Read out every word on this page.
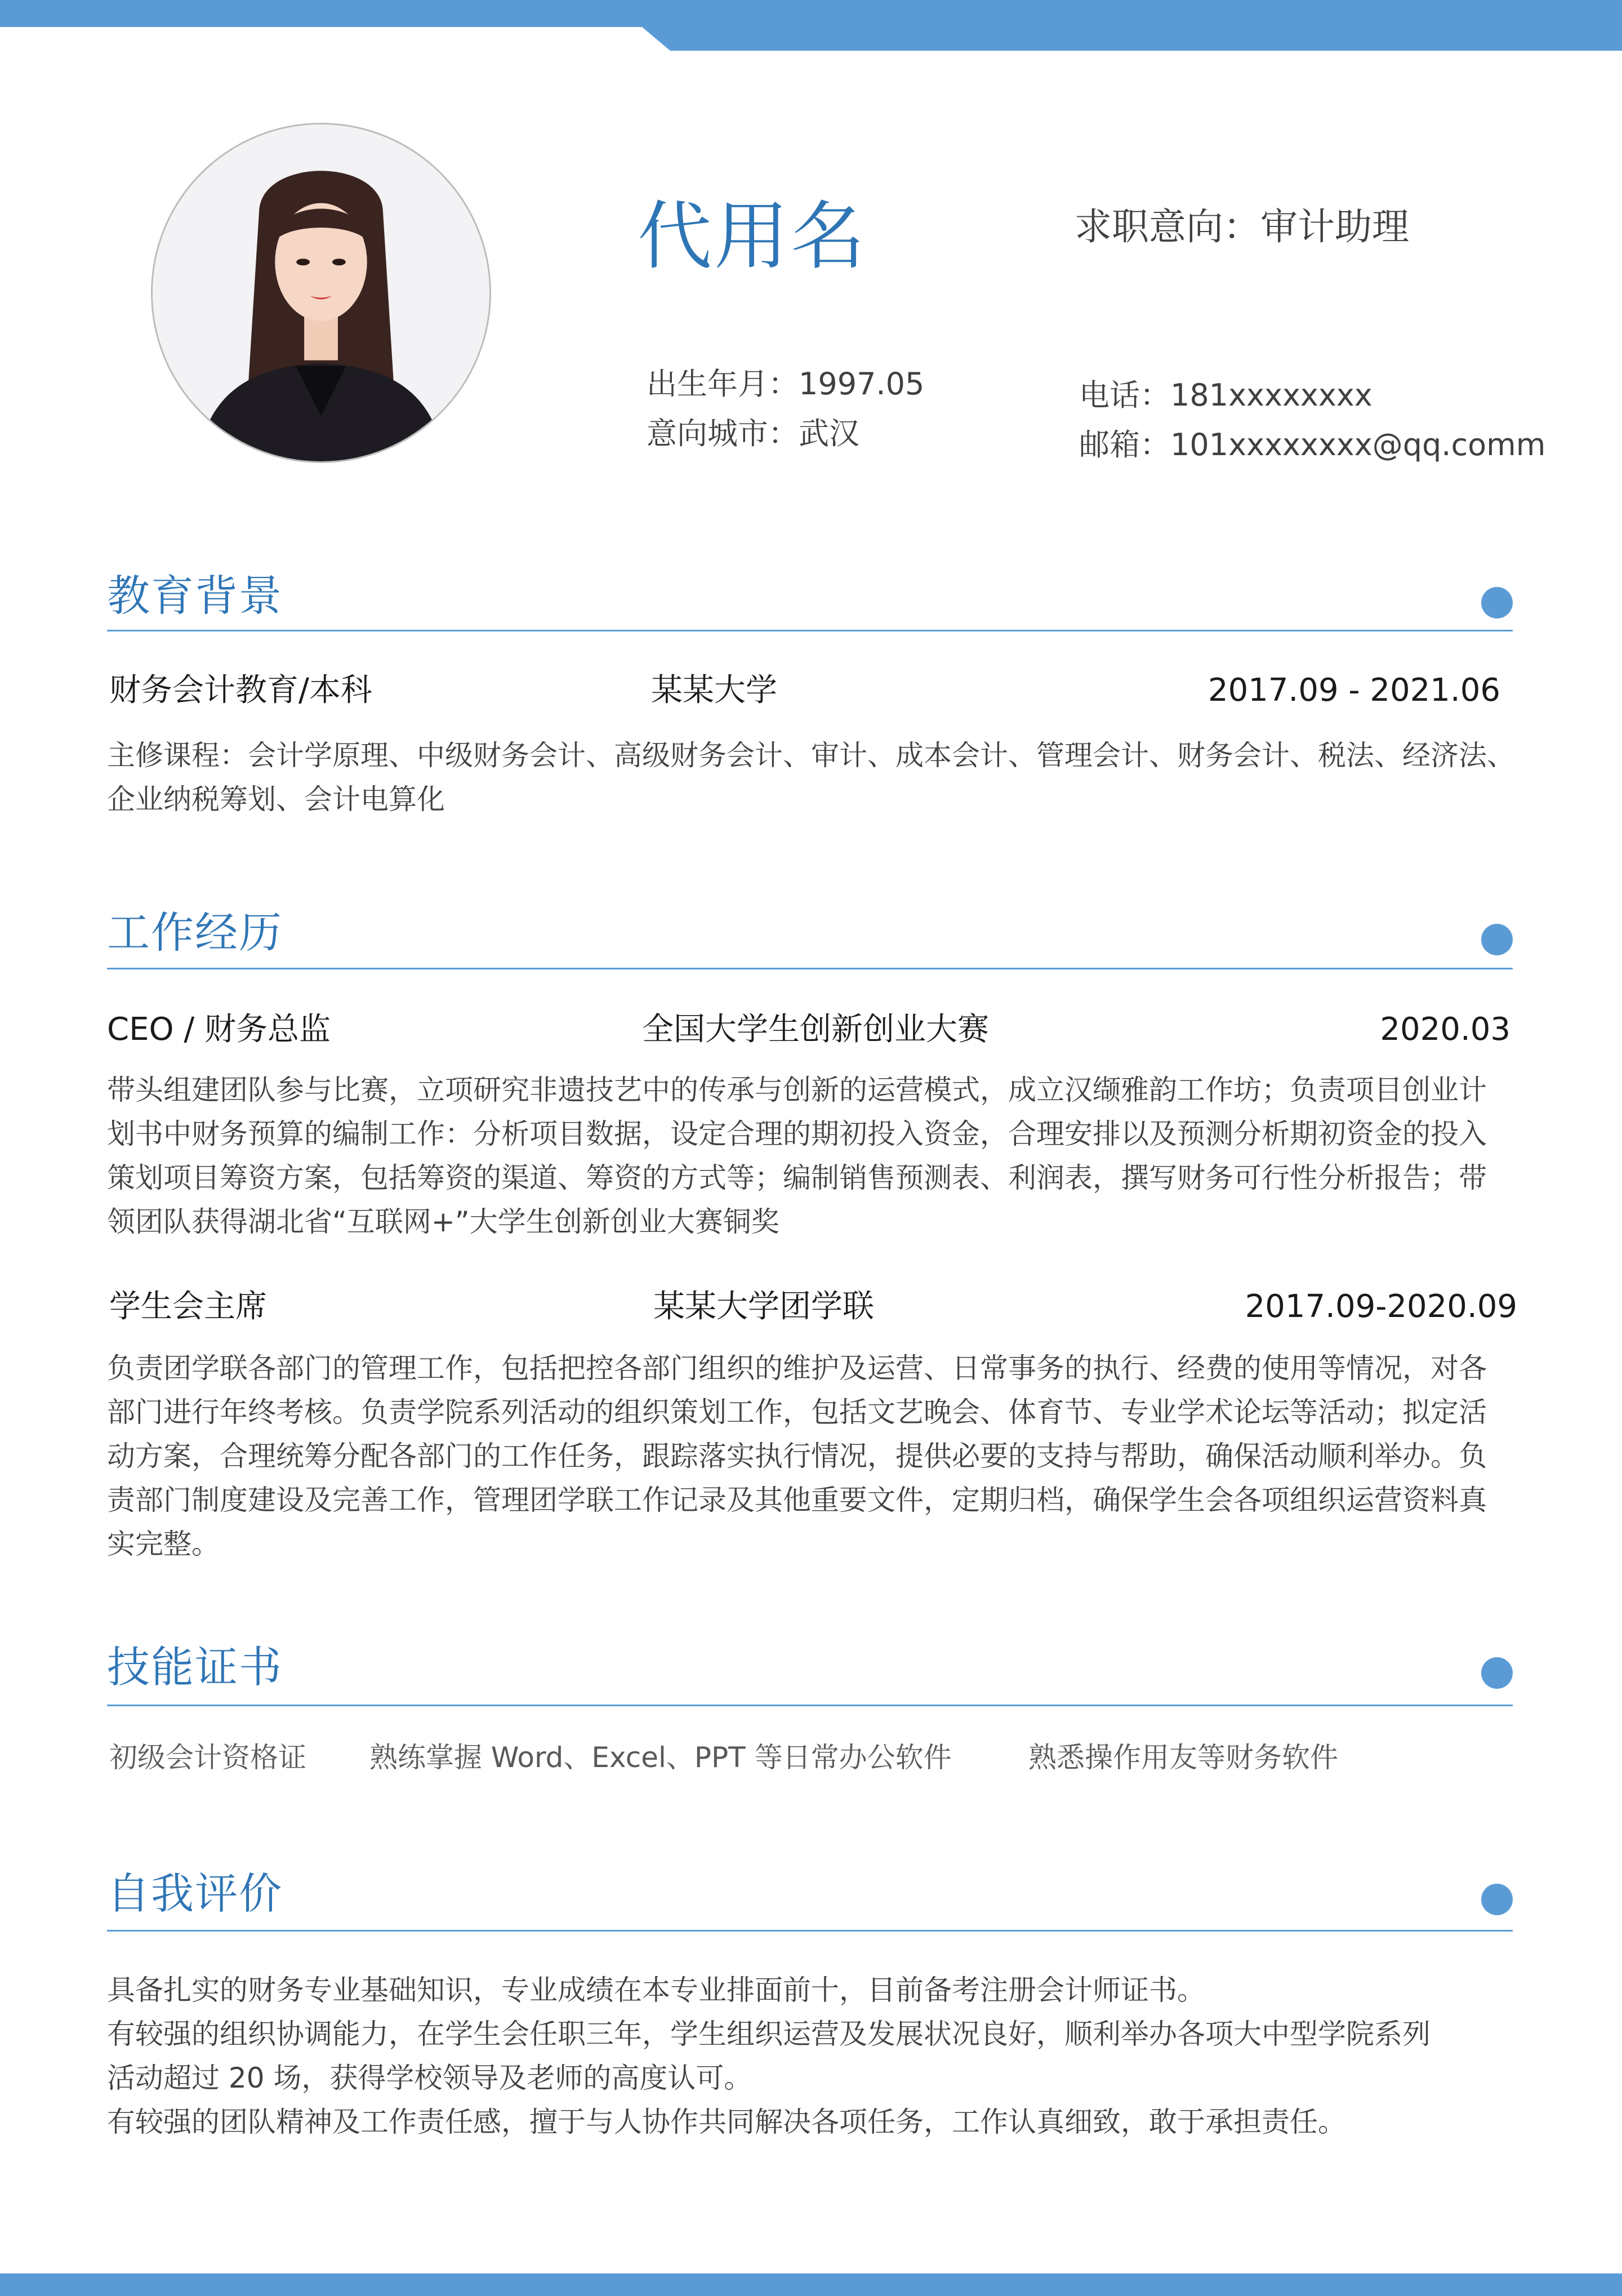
代用名	求职意向：审计助理
出生年月：1997.05
意向城市：武汉
电话：181xxxxxxxx
邮箱：101xxxxxxxx@qq.comm
教育背景
财务会计教育/本科	某某大学	2017.09 - 2021.06
主修课程：会计学原理、中级财务会计、高级财务会计、审计、成本会计、管理会计、财务会计、税法、经济法、
企业纳税筹划、会计电算化
工作经历
CEO / 财务总监	全国大学生创新创业大赛	2020.03
带头组建团队参与比赛，立项研究非遗技艺中的传承与创新的运营模式，成立汉缬雅韵工作坊；负责项目创业计
划书中财务预算的编制工作：分析项目数据，设定合理的期初投入资金，合理安排以及预测分析期初资金的投入
策划项目筹资方案，包括筹资的渠道、筹资的方式等；编制销售预测表、利润表，撰写财务可行性分析报告；带
领团队获得湖北省“互联网+”大学生创新创业大赛铜奖
学生会主席	某某大学团学联	2017.09-2020.09
负责团学联各部门的管理工作，包括把控各部门组织的维护及运营、日常事务的执行、经费的使用等情况，对各
部门进行年终考核。负责学院系列活动的组织策划工作，包括文艺晚会、体育节、专业学术论坛等活动；拟定活
动方案，合理统筹分配各部门的工作任务，跟踪落实执行情况，提供必要的支持与帮助，确保活动顺利举办。负
责部门制度建设及完善工作，管理团学联工作记录及其他重要文件，定期归档，确保学生会各项组织运营资料真
实完整。
技能证书
初级会计资格证 熟练掌握 Word、Excel、PPT 等日常办公软件	熟悉操作用友等财务软件
自我评价
具备扎实的财务专业基础知识，专业成绩在本专业排面前十，目前备考注册会计师证书。
有较强的组织协调能力，在学生会任职三年，学生组织运营及发展状况良好，顺利举办各项大中型学院系列
活动超过 20 场，获得学校领导及老师的高度认可。
有较强的团队精神及工作责任感，擅于与人协作共同解决各项任务，工作认真细致，敢于承担责任。
